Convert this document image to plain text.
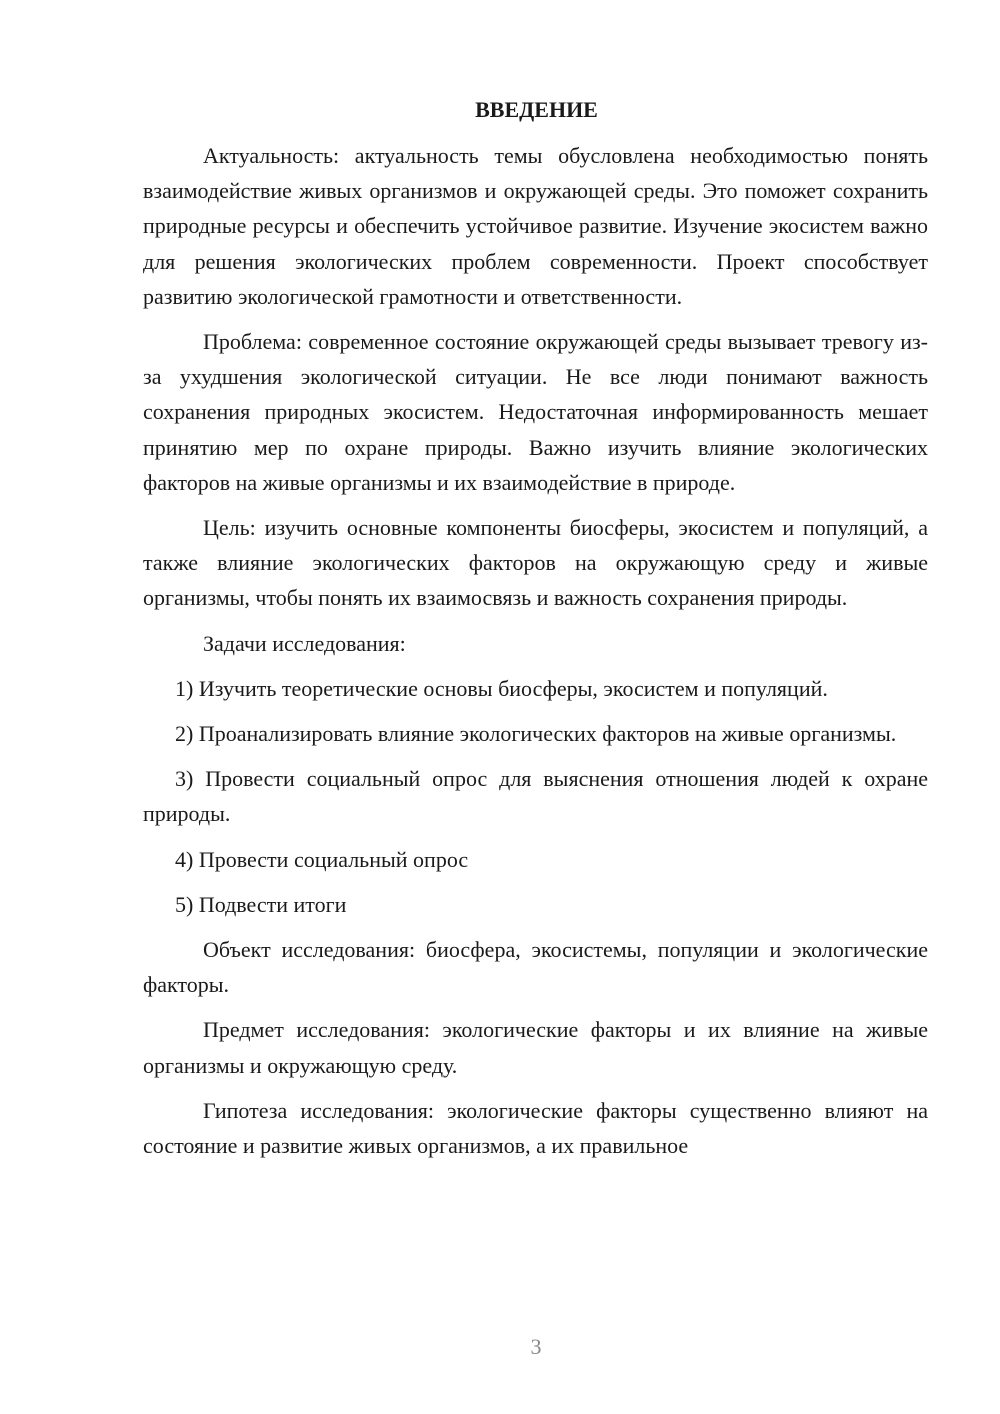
ВВЕДЕНИЕ

Актуальность: актуальность темы обусловлена необходимостью понять взаимодействие живых организмов и окружающей среды. Это поможет сохранить природные ресурсы и обеспечить устойчивое развитие. Изучение экосистем важно для решения экологических проблем современности. Проект способствует развитию экологической грамотности и ответственности.

Проблема: современное состояние окружающей среды вызывает тревогу из-за ухудшения экологической ситуации. Не все люди понимают важность сохранения природных экосистем. Недостаточная информированность мешает принятию мер по охране природы. Важно изучить влияние экологических факторов на живые организмы и их взаимодействие в природе.

Цель: изучить основные компоненты биосферы, экосистем и популяций, а также влияние экологических факторов на окружающую среду и живые организмы, чтобы понять их взаимосвязь и важность сохранения природы.

Задачи исследования:

1) Изучить теоретические основы биосферы, экосистем и популяций.

2) Проанализировать влияние экологических факторов на живые организмы.

3) Провести социальный опрос для выяснения отношения людей к охране природы.

4) Провести социальный опрос

5) Подвести итоги

Объект исследования: биосфера, экосистемы, популяции и экологические факторы.

Предмет исследования: экологические факторы и их влияние на живые организмы и окружающую среду.

Гипотеза исследования: экологические факторы существенно влияют на состояние и развитие живых организмов, а их правильное

3
